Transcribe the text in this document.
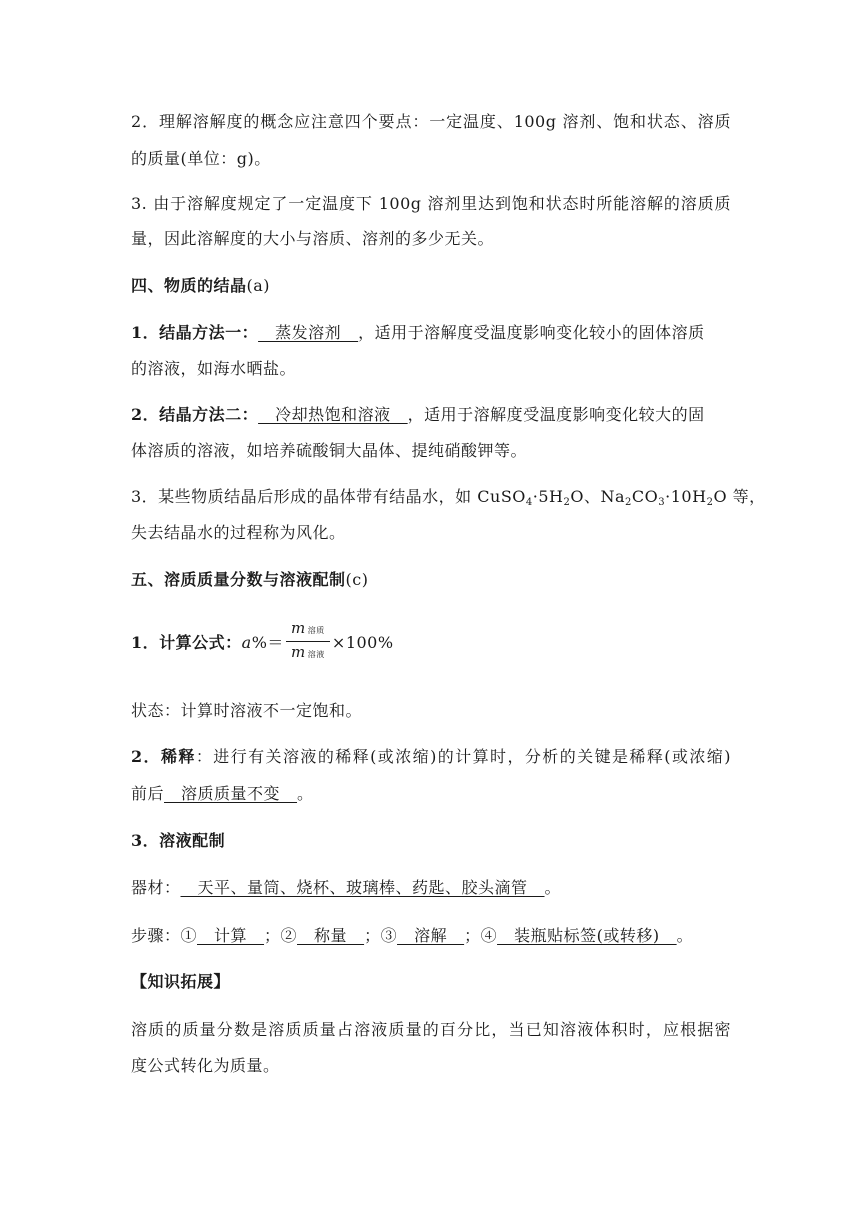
2．理解溶解度的概念应注意四个要点：一定温度、100g 溶剂、饱和状态、溶质
的质量(单位：g)。
3. 由于溶解度规定了一定温度下 100g 溶剂里达到饱和状态时所能溶解的溶质质
量，因此溶解度的大小与溶质、溶剂的多少无关。
四、物质的结晶(a)
1．结晶方法一：__蒸发溶剂__，适用于溶解度受温度影响变化较小的固体溶质
的溶液，如海水晒盐。
2．结晶方法二：__冷却热饱和溶液__，适用于溶解度受温度影响变化较大的固
体溶质的溶液，如培养硫酸铜大晶体、提纯硝酸钾等。
3．某些物质结晶后形成的晶体带有结晶水，如 $CuSO_4\cdot 5H_2O$、$Na_2CO_3\cdot 10H_2O$ 等，
失去结晶水的过程称为风化。
五、溶质质量分数与溶液配制(c)
1．计算公式：$a\%= \frac{\text{m 溶质}}{\text{m 溶液}} \times 100\%$
状态：计算时溶液不一定饱和。
2．稀释：进行有关溶液的稀释(或浓缩)的计算时，分析的关键是稀释(或浓缩)
前后__溶质质量不变__。
3．溶液配制
器材：__天平、量筒、烧杯、玻璃棒、药匙、胶头滴管__。
步骤：①__计算__；②__称量__；③__溶解__；④__装瓶贴标签(或转移)__。
【知识拓展】
溶质的质量分数是溶质质量占溶液质量的百分比，当已知溶液体积时，应根据密
度公式转化为质量。
